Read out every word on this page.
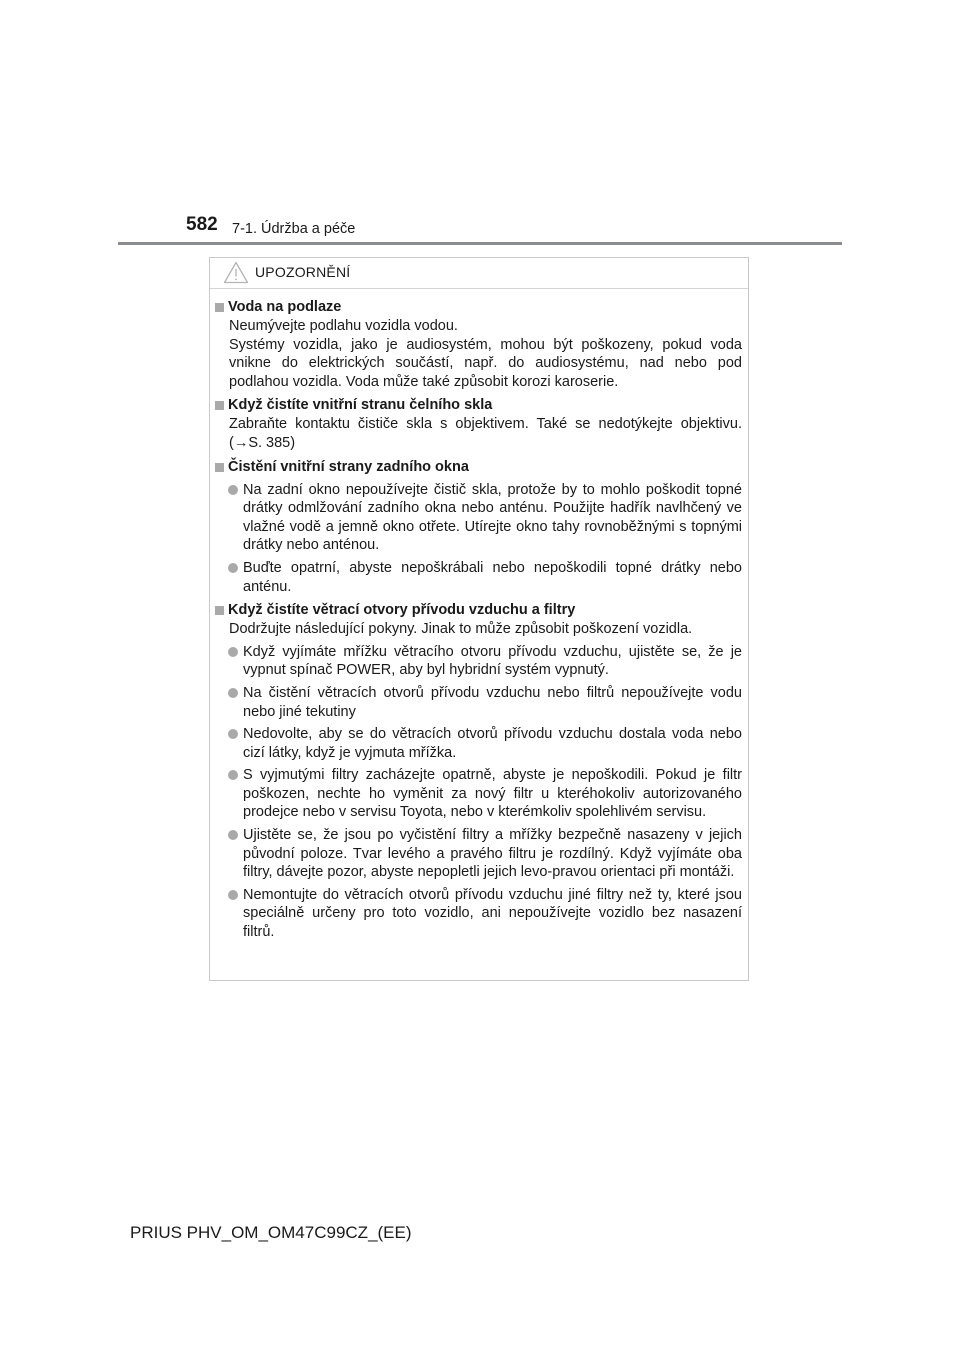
582 7-1. Údržba a péče
UPOZORNĚNÍ
Voda na podlaze
Neumývejte podlahu vozidla vodou.
Systémy vozidla, jako je audiosystém, mohou být poškozeny, pokud voda vnikne do elektrických součástí, např. do audiosystému, nad nebo pod podlahou vozidla. Voda může také způsobit korozi karoserie.
Když čistíte vnitřní stranu čelního skla
Zabraňte kontaktu čističe skla s objektivem. Také se nedotýkejte objektivu. (→S. 385)
Čistění vnitřní strany zadního okna
Na zadní okno nepoužívejte čistič skla, protože by to mohlo poškodit topné drátky odmlžování zadního okna nebo anténu. Použijte hadřík navlhčený ve vlažné vodě a jemně okno otřete. Utírejte okno tahy rovnoběžnými s topnými drátky nebo anténou.
Buďte opatrní, abyste nepoškrábali nebo nepoškodili topné drátky nebo anténu.
Když čistíte větrací otvory přívodu vzduchu a filtry
Dodržujte následující pokyny. Jinak to může způsobit poškození vozidla.
Když vyjímáte mřížku větracího otvoru přívodu vzduchu, ujistěte se, že je vypnut spínač POWER, aby byl hybridní systém vypnutý.
Na čistění větracích otvorů přívodu vzduchu nebo filtrů nepoužívejte vodu nebo jiné tekutiny
Nedovolte, aby se do větracích otvorů přívodu vzduchu dostala voda nebo cizí látky, když je vyjmuta mřížka.
S vyjmutými filtry zacházejte opatrně, abyste je nepoškodili. Pokud je filtr poškozen, nechte ho vyměnit za nový filtr u kteréhokoliv autorizovaného prodejce nebo v servisu Toyota, nebo v kterémkoliv spolehlivém servisu.
Ujistěte se, že jsou po vyčistění filtry a mřížky bezpečně nasazeny v jejich původní poloze. Tvar levého a pravého filtru je rozdílný. Když vyjímáte oba filtry, dávejte pozor, abyste nepopletli jejich levo-pravou orientaci při montáži.
Nemontujte do větracích otvorů přívodu vzduchu jiné filtry než ty, které jsou speciálně určeny pro toto vozidlo, ani nepoužívejte vozidlo bez nasazení filtrů.
PRIUS PHV_OM_OM47C99CZ_(EE)
